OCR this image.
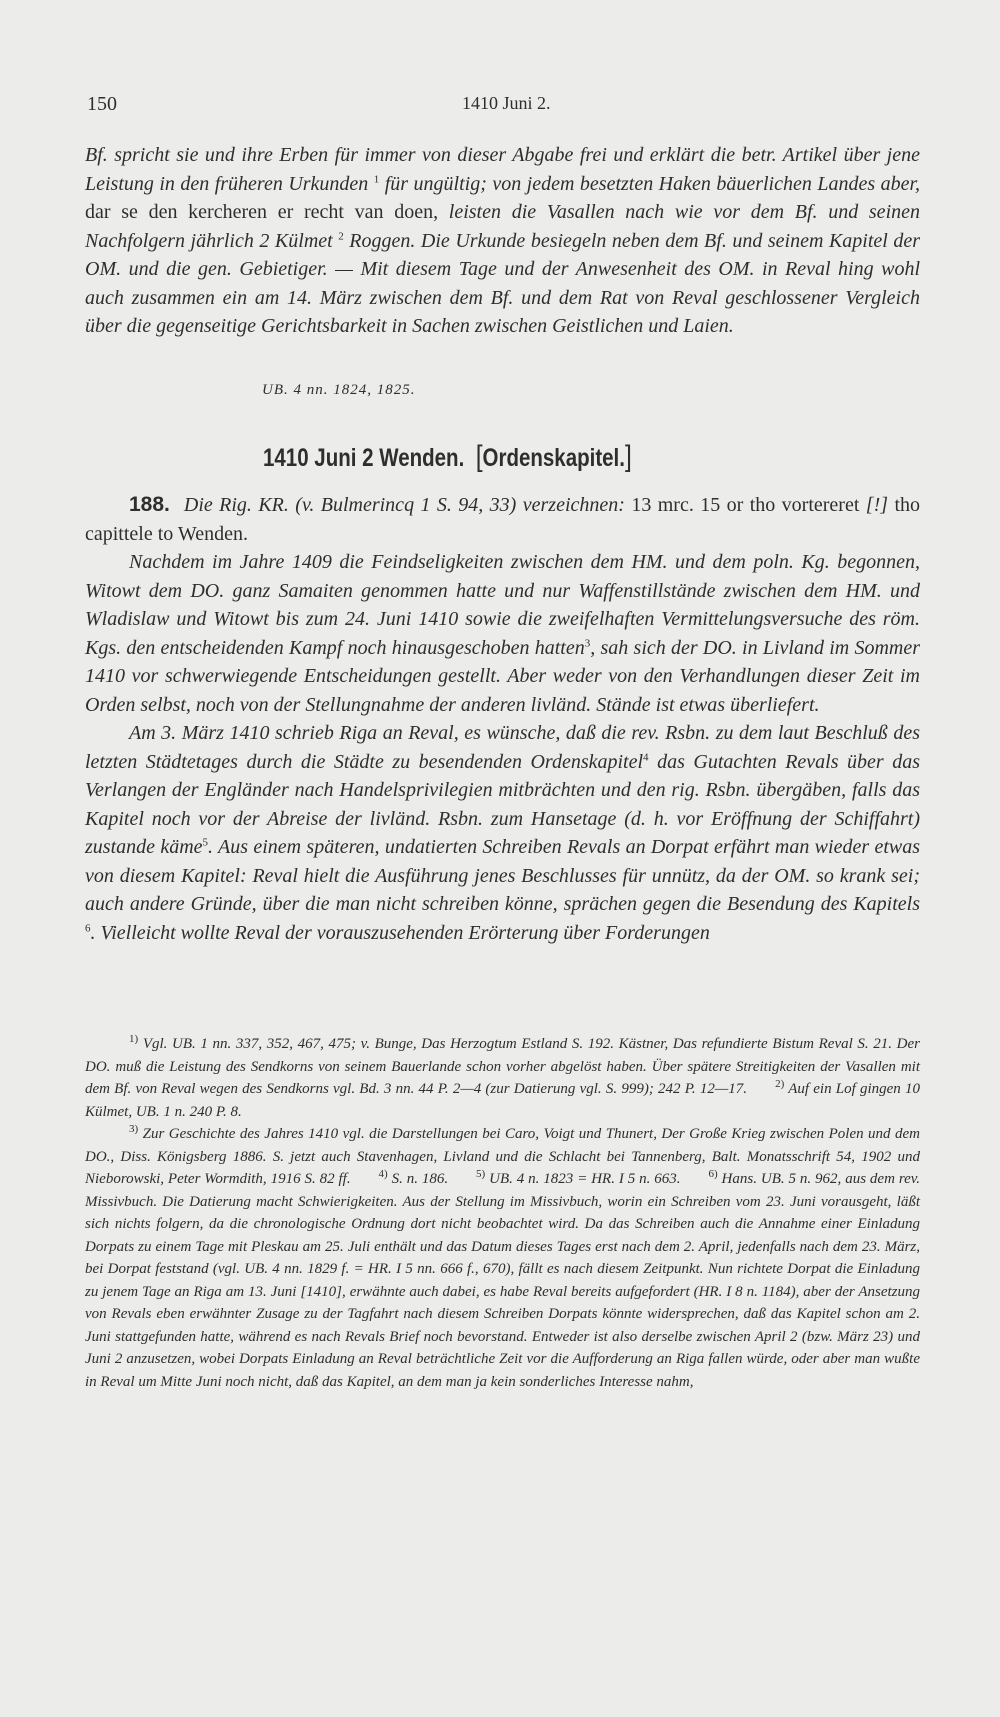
150	1410 Juni 2.

Bf. spricht sie und ihre Erben für immer von dieser Abgabe frei und erklärt die betr. Artikel über jene Leistung in den früheren Urkunden $^1$ für ungültig; von jedem besetzten Haken bäuerlichen Landes aber, dar se den kercheren er recht van doen, leisten die Vasallen nach wie vor dem Bf. und seinen Nachfolgern jährlich 2 Külmet $^2$ Roggen. Die Urkunde besiegeln neben dem Bf. und seinem Kapitel der OM. und die gen. Gebietiger. — Mit diesem Tage und der Anwesenheit des OM. in Reval hing wohl auch zusammen ein am 14. März zwischen dem Bf. und dem Rat von Reval geschlossener Vergleich über die gegenseitige Gerichtsbarkeit in Sachen zwischen Geistlichen und Laien.

UB. 4 nn. 1824, 1825.
1410 Juni 2 Wenden. [Ordenskapitel.]

188. Die Rig. KR. (v. Bulmerincq 1 S. 94, 33) verzeichnen: 13 mrc. 15 or tho vortereret [!] tho capittele to Wenden.

Nachdem im Jahre 1409 die Feindseligkeiten zwischen dem HM. und dem poln. Kg. begonnen, Witowt dem DO. ganz Samaiten genommen hatte und nur Waffenstillstände zwischen dem HM. und Wladislaw und Witowt bis zum 24. Juni 1410 sowie die zweifelhaften Vermittelungsversuche des röm. Kgs. den entscheidenden Kampf noch hinausgeschoben hatten$^3$, sah sich der DO. in Livland im Sommer 1410 vor schwerwiegende Entscheidungen gestellt. Aber weder von den Verhandlungen dieser Zeit im Orden selbst, noch von der Stellungnahme der anderen livländ. Stände ist etwas überliefert.

Am 3. März 1410 schrieb Riga an Reval, es wünsche, daß die rev. Rsbn. zu dem laut Beschluß des letzten Städtetages durch die Städte zu besendenden Ordenskapitel$^4$ das Gutachten Revals über das Verlangen der Engländer nach Handelsprivilegien mitbrächten und den rig. Rsbn. übergäben, falls das Kapitel noch vor der Abreise der livländ. Rsbn. zum Hansetage (d. h. vor Eröffnung der Schiffahrt) zustande käme$^5$. Aus einem späteren, undatierten Schreiben Revals an Dorpat erfährt man wieder etwas von diesem Kapitel: Reval hielt die Ausführung jenes Beschlusses für unnütz, da der OM. so krank sei; auch andere Gründe, über die man nicht schreiben könne, sprächen gegen die Besendung des Kapitels $^6$. Vielleicht wollte Reval der vorauszusehenden Erörterung über Forderungen

$^{1)}$ Vgl. UB. 1 nn. 337, 352, 467, 475; v. Bunge, Das Herzogtum Estland S. 192. Kästner, Das refundierte Bistum Reval S. 21. Der DO. muß die Leistung des Sendkorns von seinem Bauerlande schon vorher abgelöst haben. Über spätere Streitigkeiten der Vasallen mit dem Bf. von Reval wegen des Sendkorns vgl. Bd. 3 nn. 44 P. 2—4 (zur Datierung vgl. S. 999); 242 P. 12—17.	$^{2)}$ Auf ein Lof gingen 10 Külmet, UB. 1 n. 240 P. 8.

$^{3)}$ Zur Geschichte des Jahres 1410 vgl. die Darstellungen bei Caro, Voigt und Thunert, Der Große Krieg zwischen Polen und dem DO., Diss. Königsberg 1886. S. jetzt auch Stavenhagen, Livland und die Schlacht bei Tannenberg, Balt. Monatsschrift 54, 1902 und Nieborowski, Peter Wormdith, 1916 S. 82 ff.	$^{4)}$ S. n. 186.	$^{5)}$ UB. 4 n. 1823 = HR. I 5 n. 663.	$^{6)}$ Hans. UB. 5 n. 962, aus dem rev. Missivbuch. Die Datierung macht Schwierigkeiten. Aus der Stellung im Missivbuch, worin ein Schreiben vom 23. Juni vorausgeht, läßt sich nichts folgern, da die chronologische Ordnung dort nicht beobachtet wird. Da das Schreiben auch die Annahme einer Einladung Dorpats zu einem Tage mit Pleskau am 25. Juli enthält und das Datum dieses Tages erst nach dem 2. April, jedenfalls nach dem 23. März, bei Dorpat feststand (vgl. UB. 4 nn. 1829 f. = HR. I 5 nn. 666 f., 670), fällt es nach diesem Zeitpunkt. Nun richtete Dorpat die Einladung zu jenem Tage an Riga am 13. Juni [1410], erwähnte auch dabei, es habe Reval bereits aufgefordert (HR. I 8 n. 1184), aber der Ansetzung von Revals eben erwähnter Zusage zu der Tagfahrt nach diesem Schreiben Dorpats könnte widersprechen, daß das Kapitel schon am 2. Juni stattgefunden hatte, während es nach Revals Brief noch bevorstand. Entweder ist also derselbe zwischen April 2 (bzw. März 23) und Juni 2 anzusetzen, wobei Dorpats Einladung an Reval beträchtliche Zeit vor die Aufforderung an Riga fallen würde, oder aber man wußte in Reval um Mitte Juni noch nicht, daß das Kapitel, an dem man ja kein sonderliches Interesse nahm,
